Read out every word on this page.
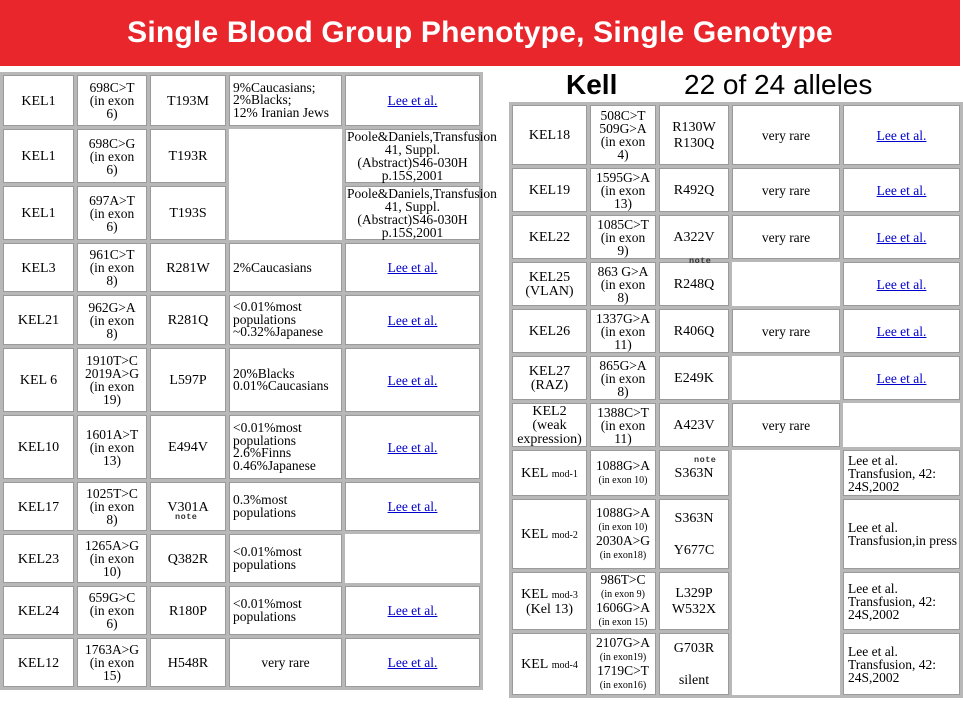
Single Blood Group Phenotype, Single Genotype
Kell 22 of 24 alleles
KEL1	698C>T
(in exon
6)	T193M	9%Caucasians;
2%Blacks;
12% Iranian Jews	Lee et al.
KEL1	698C>G
(in exon
6)	T193R		Poole&Daniels,Transfusion
41, Suppl.
(Abstract)S46-030H
p.15S,2001
KEL1	697A>T
(in exon
6)	T193S		Poole&Daniels,Transfusion
41, Suppl.
(Abstract)S46-030H
p.15S,2001
KEL3	961C>T
(in exon
8)	R281W	2%Caucasians	Lee et al.
KEL21	962G>A
(in exon
8)	R281Q	<0.01%most
populations
~0.32%Japanese	Lee et al.
KEL 6	1910T>C
2019A>G
(in exon
19)	L597P	20%Blacks
0.01%Caucasians	Lee et al.
KEL10	1601A>T
(in exon
13)	E494V	<0.01%most
populations
2.6%Finns
0.46%Japanese	Lee et al.
KEL17	1025T>C
(in exon
8)	V301A	0.3%most
populations	Lee et al.
KEL23	1265A>G
(in exon
10)	Q382R	<0.01%most
populations	
KEL24	659G>C
(in exon
6)	R180P	<0.01%most
populations	Lee et al.
KEL12	1763A>G
(in exon
15)	H548R	very rare	Lee et al.
KEL18	508C>T
509G>A
(in exon
4)	R130W
R130Q	very rare	Lee et al.
KEL19	1595G>A
(in exon
13)	R492Q	very rare	Lee et al.
KEL22	1085C>T
(in exon
9)	A322V	very rare	Lee et al.
KEL25
(VLAN)	863 G>A
(in exon
8)	R248Q		Lee et al.
KEL26	1337G>A
(in exon
11)	R406Q	very rare	Lee et al.
KEL27
(RAZ)	865G>A
(in exon
8)	E249K		Lee et al.
KEL2
(weak
expression)	1388C>T
(in exon
11)	A423V	very rare	
KEL mod-1	1088G>A
(in exon 10)	S363N		Lee et al.
Transfusion, 42:
24S,2002
KEL mod-2	1088G>A
(in exon 10)
2030A>G
(in exon18)	S363N

Y677C		Lee et al.
Transfusion,in press
KEL mod-3
(Kel 13)	986T>C
(in exon 9)
1606G>A
(in exon 15)	L329P
W532X		Lee et al.
Transfusion, 42:
24S,2002
KEL mod-4	2107G>A
(in exon19)
1719C>T
(in exon16)	G703R

silent		Lee et al.
Transfusion, 42:
24S,2002
note
note
note
